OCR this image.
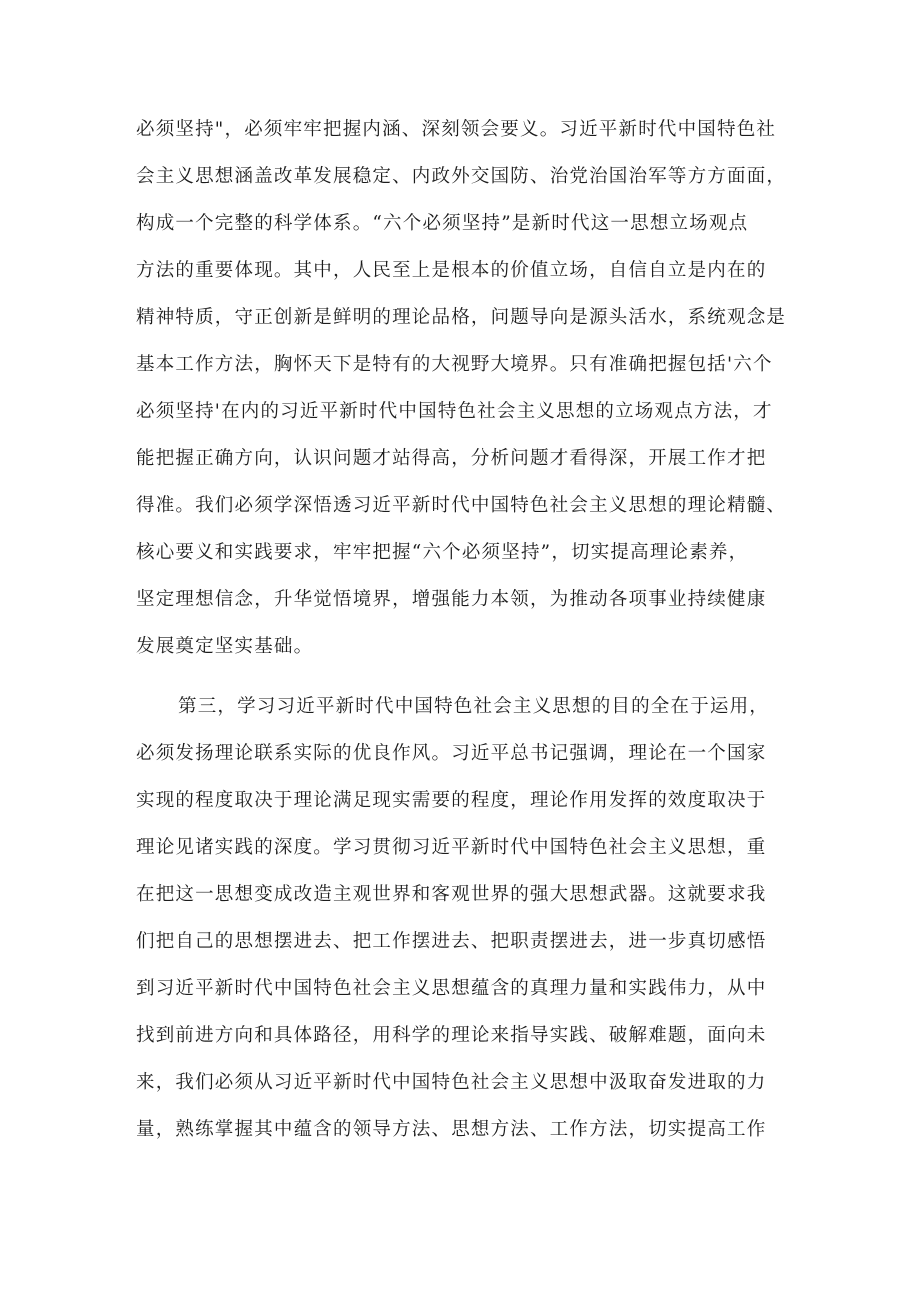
必须坚持"，必须牢牢把握内涵、深刻领会要义。习近平新时代中国特色社
会主义思想涵盖改革发展稳定、内政外交国防、治党治国治军等方方面面，
构成一个完整的科学体系。“六个必须坚持”是新时代这一思想立场观点
方法的重要体现。其中，人民至上是根本的价值立场，自信自立是内在的
精神特质，守正创新是鲜明的理论品格，问题导向是源头活水，系统观念是
基本工作方法，胸怀天下是特有的大视野大境界。只有准确把握包括'六个
必须坚持'在内的习近平新时代中国特色社会主义思想的立场观点方法，才
能把握正确方向，认识问题才站得高，分析问题才看得深，开展工作才把
得准。我们必须学深悟透习近平新时代中国特色社会主义思想的理论精髓、
核心要义和实践要求，牢牢把握“六个必须坚持”，切实提高理论素养，
坚定理想信念，升华觉悟境界，增强能力本领，为推动各项事业持续健康
发展奠定坚实基础。
第三，学习习近平新时代中国特色社会主义思想的目的全在于运用，
必须发扬理论联系实际的优良作风。习近平总书记强调，理论在一个国家
实现的程度取决于理论满足现实需要的程度，理论作用发挥的效度取决于
理论见诸实践的深度。学习贯彻习近平新时代中国特色社会主义思想，重
在把这一思想变成改造主观世界和客观世界的强大思想武器。这就要求我
们把自己的思想摆进去、把工作摆进去、把职责摆进去，进一步真切感悟
到习近平新时代中国特色社会主义思想蕴含的真理力量和实践伟力，从中
找到前进方向和具体路径，用科学的理论来指导实践、破解难题，面向未
来，我们必须从习近平新时代中国特色社会主义思想中汲取奋发进取的力
量，熟练掌握其中蕴含的领导方法、思想方法、工作方法，切实提高工作
